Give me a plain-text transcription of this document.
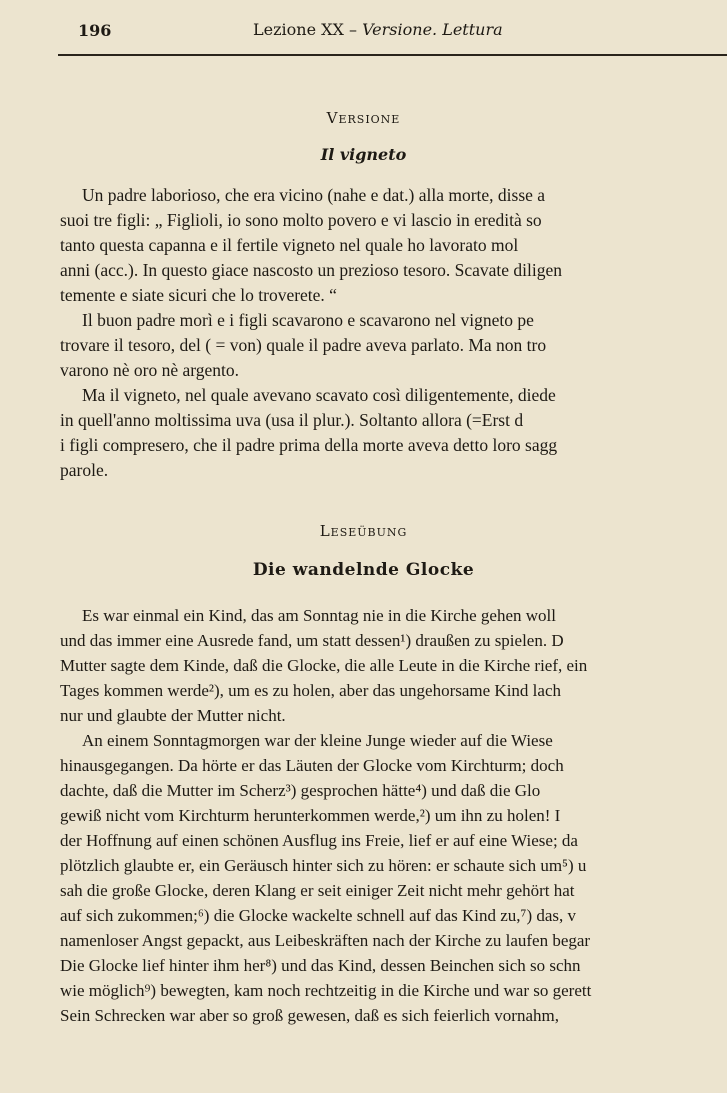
196	Lezione XX – Versione. Lettura
Versione
Il vigneto
Un padre laborioso, che era vicino (nahe e dat.) alla morte, disse a
suoi tre figli: „ Figlioli, io sono molto povero e vi lascio in eredità so
tanto questa capanna e il fertile vigneto nel quale ho lavorato mol
anni (acc.). In questo giace nascosto un prezioso tesoro. Scavate diligen
temente e siate sicuri che lo troverete. “
Il buon padre morì e i figli scavarono e scavarono nel vigneto pe
trovare il tesoro, del ( = von) quale il padre aveva parlato. Ma non tro
varono nè oro nè argento.
Ma il vigneto, nel quale avevano scavato così diligentemente, diede
in quell'anno moltissima uva (usa il plur.). Soltanto allora (=Erst d
i figli compresero, che il padre prima della morte aveva detto loro sagg
parole.
Leseübung
Die wandelnde Glocke
Es war einmal ein Kind, das am Sonntag nie in die Kirche gehen woll
und das immer eine Ausrede fand, um statt dessen¹) draußen zu spielen. D
Mutter sagte dem Kinde, daß die Glocke, die alle Leute in die Kirche rief, ein
Tages kommen werde²), um es zu holen, aber das ungehorsame Kind lach
nur und glaubte der Mutter nicht.
An einem Sonntagmorgen war der kleine Junge wieder auf die Wiese
hinausgegangen. Da hörte er das Läuten der Glocke vom Kirchturm; doch
dachte, daß die Mutter im Scherz³) gesprochen hätte⁴) und daß die Glo
gewiß nicht vom Kirchturm herunterkommen werde,²) um ihn zu holen! I
der Hoffnung auf einen schönen Ausflug ins Freie, lief er auf eine Wiese; da
plötzlich glaubte er, ein Geräusch hinter sich zu hören: er schaute sich um⁵) u
sah die große Glocke, deren Klang er seit einiger Zeit nicht mehr gehört hat
auf sich zukommen;⁶) die Glocke wackelte schnell auf das Kind zu,⁷) das, v
namenloser Angst gepackt, aus Leibeskräften nach der Kirche zu laufen begar
Die Glocke lief hinter ihm her⁸) und das Kind, dessen Beinchen sich so schn
wie möglich⁹) bewegten, kam noch rechtzeitig in die Kirche und war so gerett
Sein Schrecken war aber so groß gewesen, daß es sich feierlich vornahm,
